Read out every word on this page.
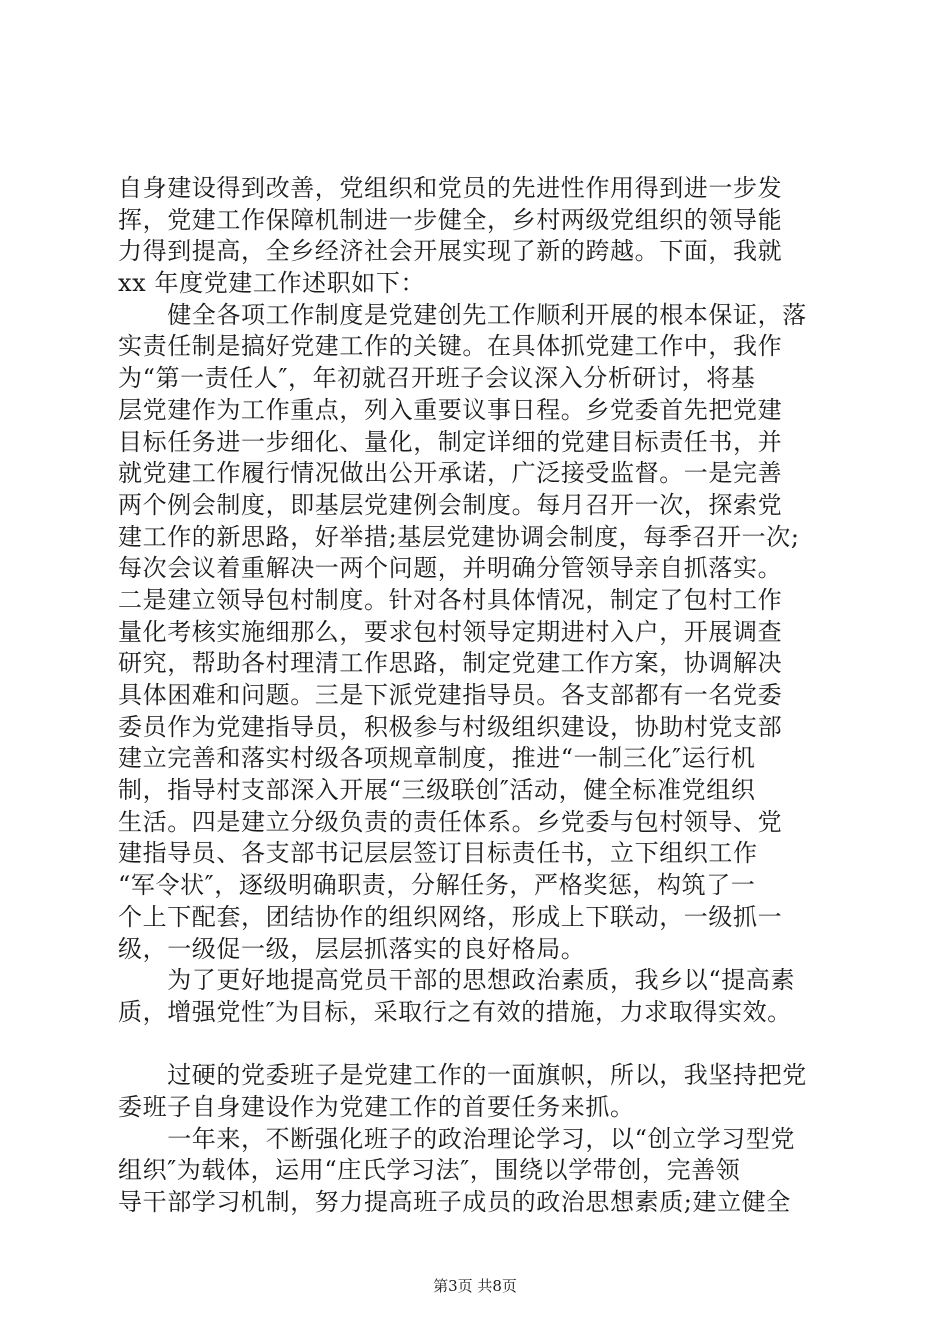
自身建设得到改善，党组织和党员的先进性作用得到进一步发
挥，党建工作保障机制进一步健全，乡村两级党组织的领导能
力得到提高，全乡经济社会开展实现了新的跨越。下面，我就
xx 年度党建工作述职如下：
　　健全各项工作制度是党建创先工作顺利开展的根本保证，落
实责任制是搞好党建工作的关键。在具体抓党建工作中，我作
为“第一责任人″，年初就召开班子会议深入分析研讨，将基
层党建作为工作重点，列入重要议事日程。乡党委首先把党建
目标任务进一步细化、量化，制定详细的党建目标责任书，并
就党建工作履行情况做出公开承诺，广泛接受监督。一是完善
两个例会制度，即基层党建例会制度。每月召开一次，探索党
建工作的新思路，好举措;基层党建协调会制度，每季召开一次;
每次会议着重解决一两个问题，并明确分管领导亲自抓落实。
二是建立领导包村制度。针对各村具体情况，制定了包村工作
量化考核实施细那么，要求包村领导定期进村入户，开展调查
研究，帮助各村理清工作思路，制定党建工作方案，协调解决
具体困难和问题。三是下派党建指导员。各支部都有一名党委
委员作为党建指导员，积极参与村级组织建设，协助村党支部
建立完善和落实村级各项规章制度，推进“一制三化″运行机
制，指导村支部深入开展“三级联创″活动，健全标准党组织
生活。四是建立分级负责的责任体系。乡党委与包村领导、党
建指导员、各支部书记层层签订目标责任书，立下组织工作
“军令状″，逐级明确职责，分解任务，严格奖惩，构筑了一
个上下配套，团结协作的组织网络，形成上下联动，一级抓一
级，一级促一级，层层抓落实的良好格局。
　　为了更好地提高党员干部的思想政治素质，我乡以“提高素
质，增强党性″为目标，采取行之有效的措施，力求取得实效。
　　过硬的党委班子是党建工作的一面旗帜，所以，我坚持把党
委班子自身建设作为党建工作的首要任务来抓。
　　一年来，不断强化班子的政治理论学习，以“创立学习型党
组织″为载体，运用“庄氏学习法″，围绕以学带创，完善领
导干部学习机制，努力提高班子成员的政治思想素质;建立健全
第3页 共8页
